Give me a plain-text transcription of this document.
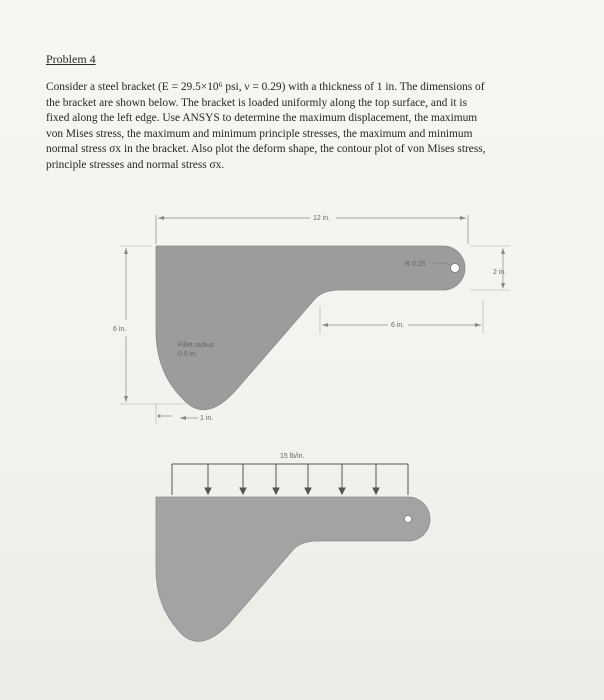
Problem 4
Consider a steel bracket (E = 29.5×10⁶ psi, ν = 0.29) with a thickness of 1 in. The dimensions of
the bracket are shown below. The bracket is loaded uniformly along the top surface, and it is
fixed along the left edge. Use ANSYS to determine the maximum displacement, the maximum
von Mises stress, the maximum and minimum principle stresses, the maximum and minimum
normal stress σx in the bracket. Also plot the deform shape, the contour plot of von Mises stress,
principle stresses and normal stress σx.
12 in.
6 in.
2 in.
6 in.
R 0.25
Fillet radius
0.5 in.
1 in.
15 lb/in.
